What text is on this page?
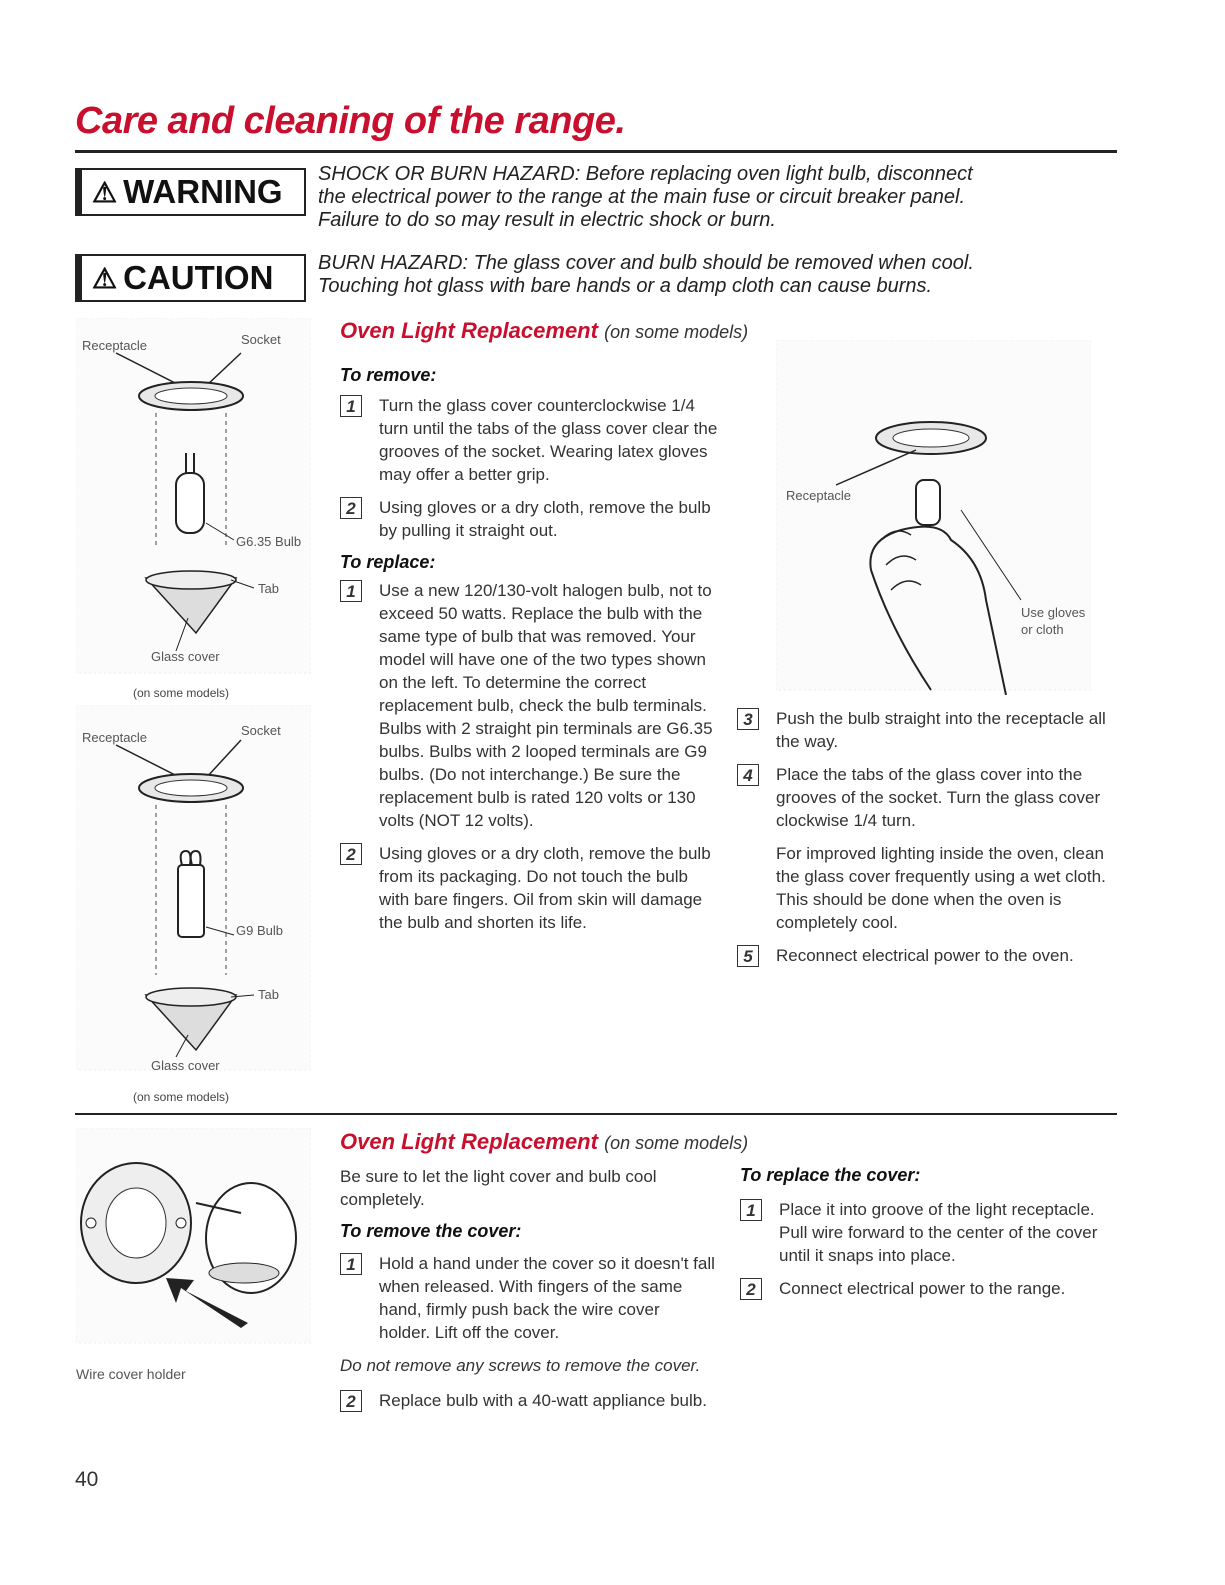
Care and cleaning of the range.
⚠ WARNING SHOCK OR BURN HAZARD: Before replacing oven light bulb, disconnect the electrical power to the range at the main fuse or circuit breaker panel. Failure to do so may result in electric shock or burn.
⚠ CAUTION BURN HAZARD: The glass cover and bulb should be removed when cool. Touching hot glass with bare hands or a damp cloth can cause burns.
Receptacle	Socket
G6.35 Bulb
Tab
Glass cover
(on some models)
Receptacle	Socket
G9 Bulb
Tab
Glass cover
(on some models)
Oven Light Replacement (on some models)
To remove:
1	Turn the glass cover counterclockwise 1/4 turn until the tabs of the glass cover clear the grooves of the socket. Wearing latex gloves may offer a better grip.
2	Using gloves or a dry cloth, remove the bulb by pulling it straight out.
To replace:
1	Use a new 120/130-volt halogen bulb, not to exceed 50 watts. Replace the bulb with the same type of bulb that was removed. Your model will have one of the two types shown on the left. To determine the correct replacement bulb, check the bulb terminals. Bulbs with 2 straight pin terminals are G6.35 bulbs. Bulbs with 2 looped terminals are G9 bulbs. (Do not interchange.) Be sure the replacement bulb is rated 120 volts or 130 volts (NOT 12 volts).
2	Using gloves or a dry cloth, remove the bulb from its packaging. Do not touch the bulb with bare fingers. Oil from skin will damage the bulb and shorten its life.
Receptacle
Use gloves or cloth
3	Push the bulb straight into the receptacle all the way.
4	Place the tabs of the glass cover into the grooves of the socket. Turn the glass cover clockwise 1/4 turn.
For improved lighting inside the oven, clean the glass cover frequently using a wet cloth. This should be done when the oven is completely cool.
5	Reconnect electrical power to the oven.
Wire cover holder
Oven Light Replacement (on some models)
Be sure to let the light cover and bulb cool completely.
To remove the cover:
1	Hold a hand under the cover so it doesn't fall when released. With fingers of the same hand, firmly push back the wire cover holder. Lift off the cover.
Do not remove any screws to remove the cover.
2	Replace bulb with a 40-watt appliance bulb.
To replace the cover:
1	Place it into groove of the light receptacle. Pull wire forward to the center of the cover until it snaps into place.
2	Connect electrical power to the range.
40
